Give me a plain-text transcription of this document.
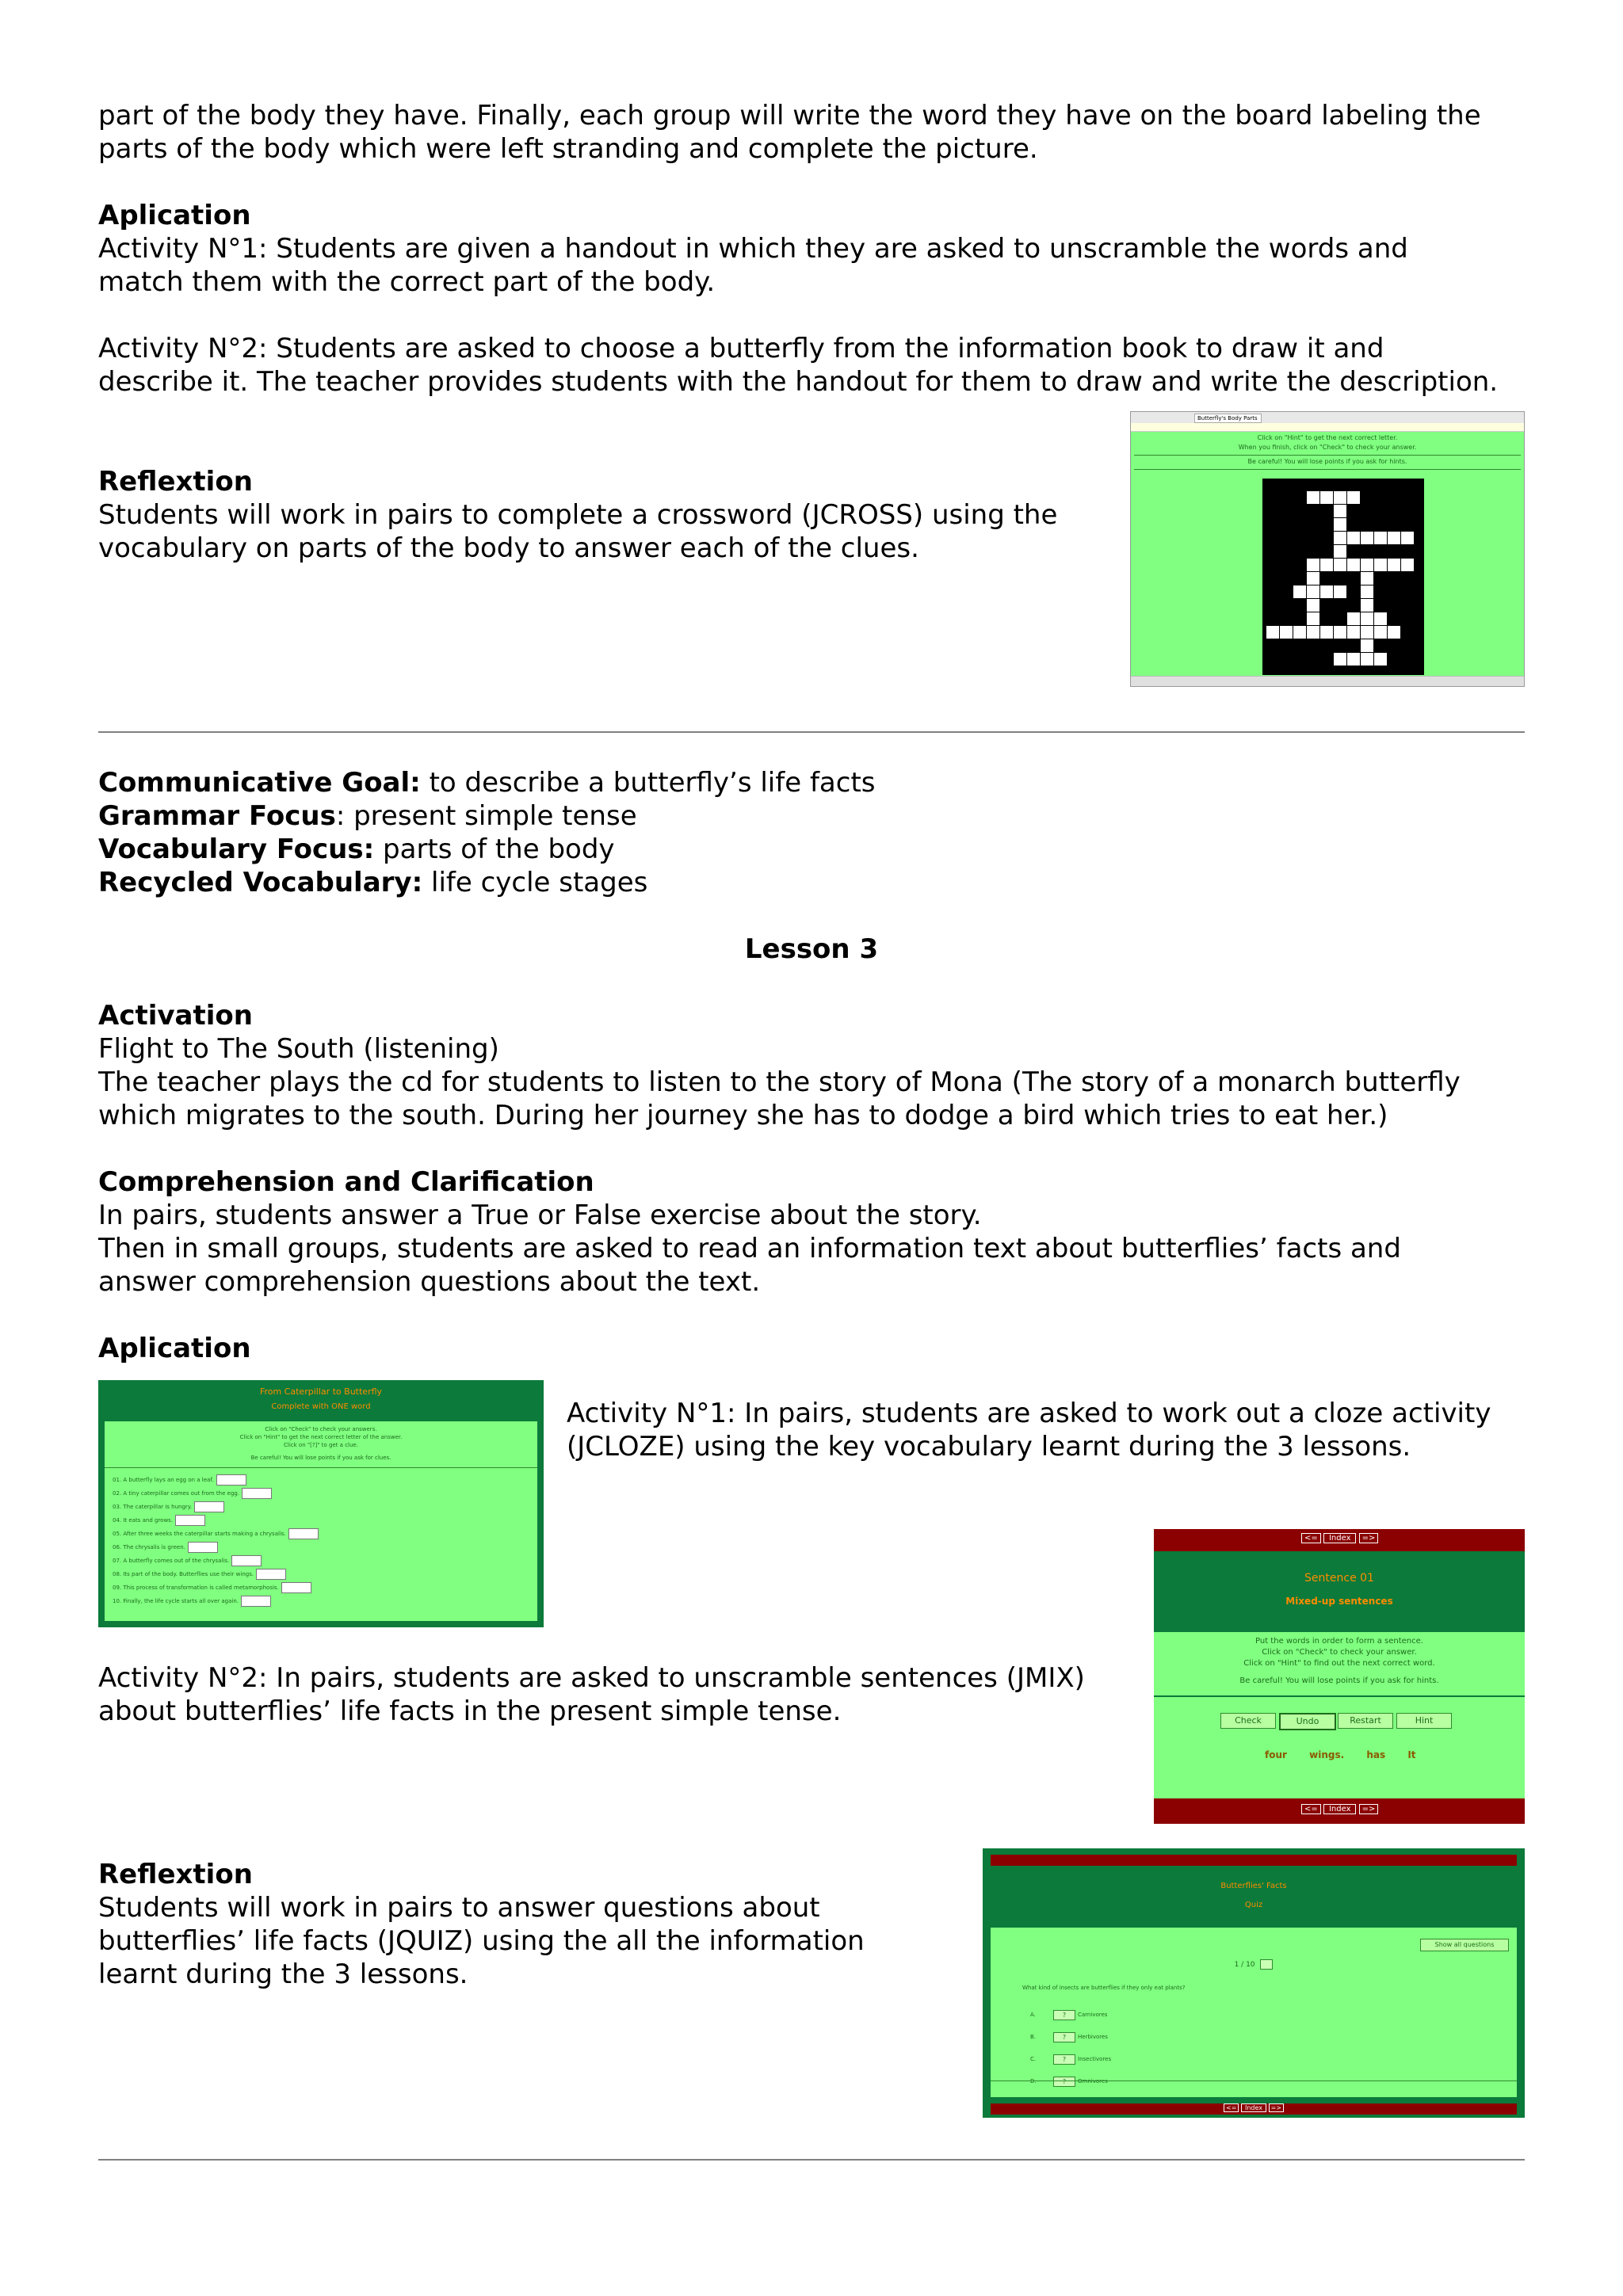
part of the body they have. Finally, each group will write the word they have on the board labeling the
parts of the body which were left stranding and complete the picture.
Aplication
Activity N°1: Students are given a handout in which they are asked to unscramble the words and
match them with the correct part of the body.
Activity N°2: Students are asked to choose a butterfly from the information book to draw it and
describe it. The teacher provides students with the handout for them to draw and write the description.
Reflextion
Students will work in pairs to complete a crossword (JCROSS) using the
vocabulary on parts of the body to answer each of the clues.
Butterfly's Body Parts
Click on "Hint" to get the next correct letter.
When you finish, click on "Check" to check your answer.
Be careful! You will lose points if you ask for hints.
Communicative Goal: to describe a butterfly’s life facts
Grammar Focus: present simple tense
Vocabulary Focus: parts of the body
Recycled Vocabulary: life cycle stages
Lesson 3
Activation
Flight to The South (listening)
The teacher plays the cd for students to listen to the story of Mona (The story of a monarch butterfly
which migrates to the south. During her journey she has to dodge a bird which tries to eat her.)
Comprehension and Clarification
In pairs, students answer a True or False exercise about the story.
Then in small groups, students are asked to read an information text about butterflies’ facts and
answer comprehension questions about the text.
Aplication
From Caterpillar to Butterfly
Complete with ONE word
Click on "Check" to check your answers.
Click on "Hint" to get the next correct letter of the answer.
Click on "[?]" to get a clue.
Be careful! You will lose points if you ask for clues.
01. A butterfly lays an egg on a leaf.
02. A tiny caterpillar comes out from the egg.
03. The caterpillar is hungry.
04. It eats and grows.
05. After three weeks the caterpillar starts making a chrysalis.
06. The chrysalis is green.
07. A butterfly comes out of the chrysalis.
08. Its part of the body. Butterflies use their wings.
09. This process of transformation is called metamorphosis.
10. Finally, the life cycle starts all over again.
Activity N°1: In pairs, students are asked to work out a cloze activity
(JCLOZE) using the key vocabulary learnt during the 3 lessons.
<= Index =>
Sentence 01
Mixed-up sentences
Put the words in order to form a sentence.
Click on "Check" to check your answer.
Click on "Hint" to find out the next correct word.
Be careful! You will lose points if you ask for hints.
Check	Undo	Restart	Hint
four wings. has It
<= Index =>
Activity N°2: In pairs, students are asked to unscramble sentences (JMIX)
about butterflies’ life facts in the present simple tense.
Reflextion
Students will work in pairs to answer questions about
butterflies’ life facts (JQUIZ) using the all the information
learnt during the 3 lessons.
Butterflies' Facts
Quiz
Show all questions
1 / 10
What kind of insects are butterflies if they only eat plants?
A.	? Carnivores
B.	? Herbivores
C.	? Insectivores
D.	? Omnivores
<= Index =>
